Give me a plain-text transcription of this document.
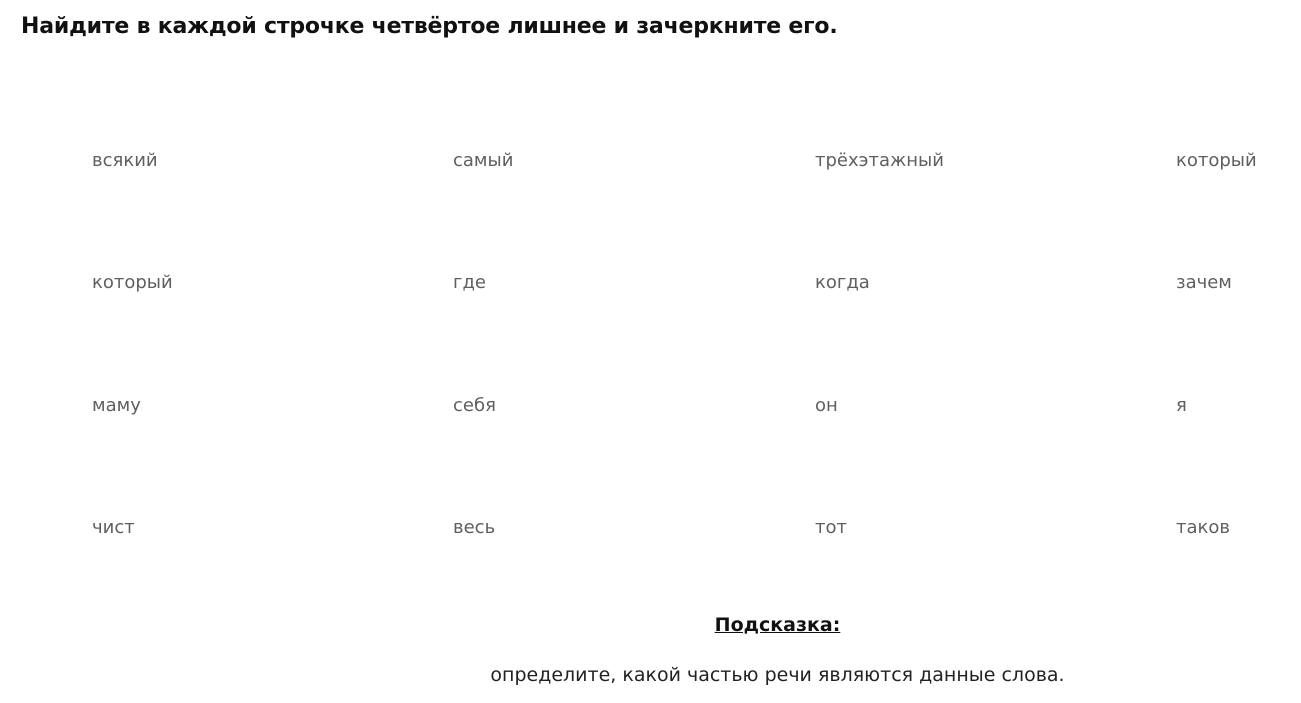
Найдите в каждой строчке четвёртое лишнее и зачеркните его.
всякий	самый	трёхэтажный	который
который	где	когда	зачем
маму	себя	он	я
чист	весь	тот	таков
Подсказка:
определите, какой частью речи являются данные слова.
